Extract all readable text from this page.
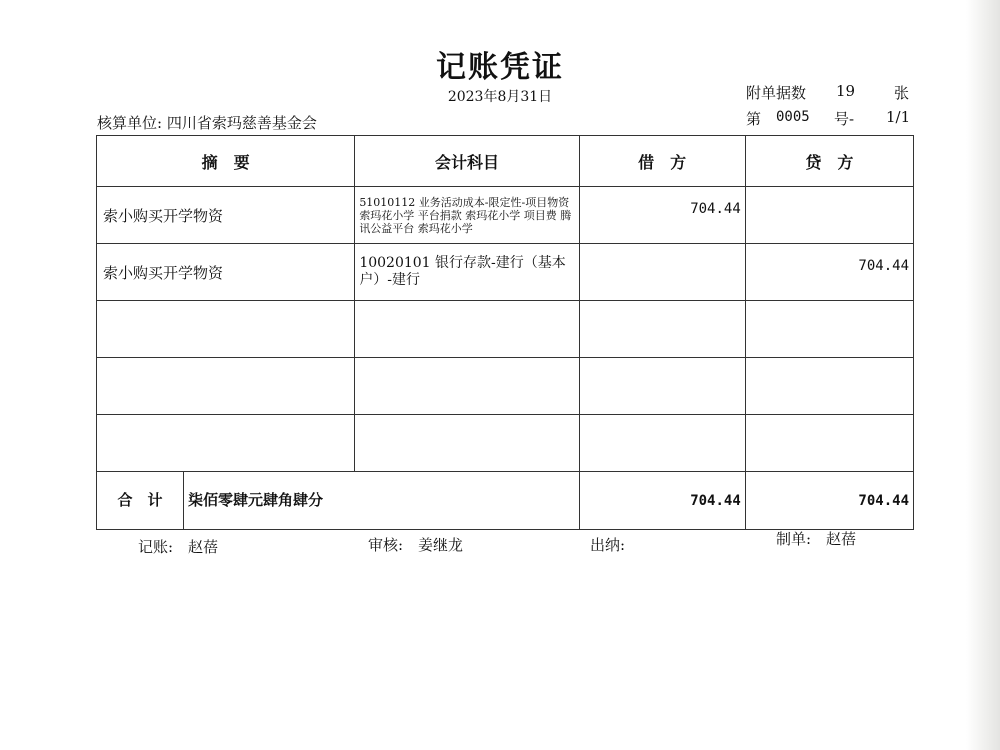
记账凭证
2023年8月31日
核算单位: 四川省索玛慈善基金会
附单据数 19	张
第 0005 号- 1/1
摘　要	会计科目	借　方	贷　方
索小购买开学物资	51010112 业务活动成本-限定性-项目物资 索玛花小学 平台捐款 索玛花小学 项目费 腾讯公益平台 索玛花小学	704.44	
索小购买开学物资	10020101 银行存款-建行（基本户）-建行		704.44

合　计 柒佰零肆元肆角肆分		704.44	704.44
记账:　赵蓓	审核:　姜继龙	出纳:	制单:　赵蓓
